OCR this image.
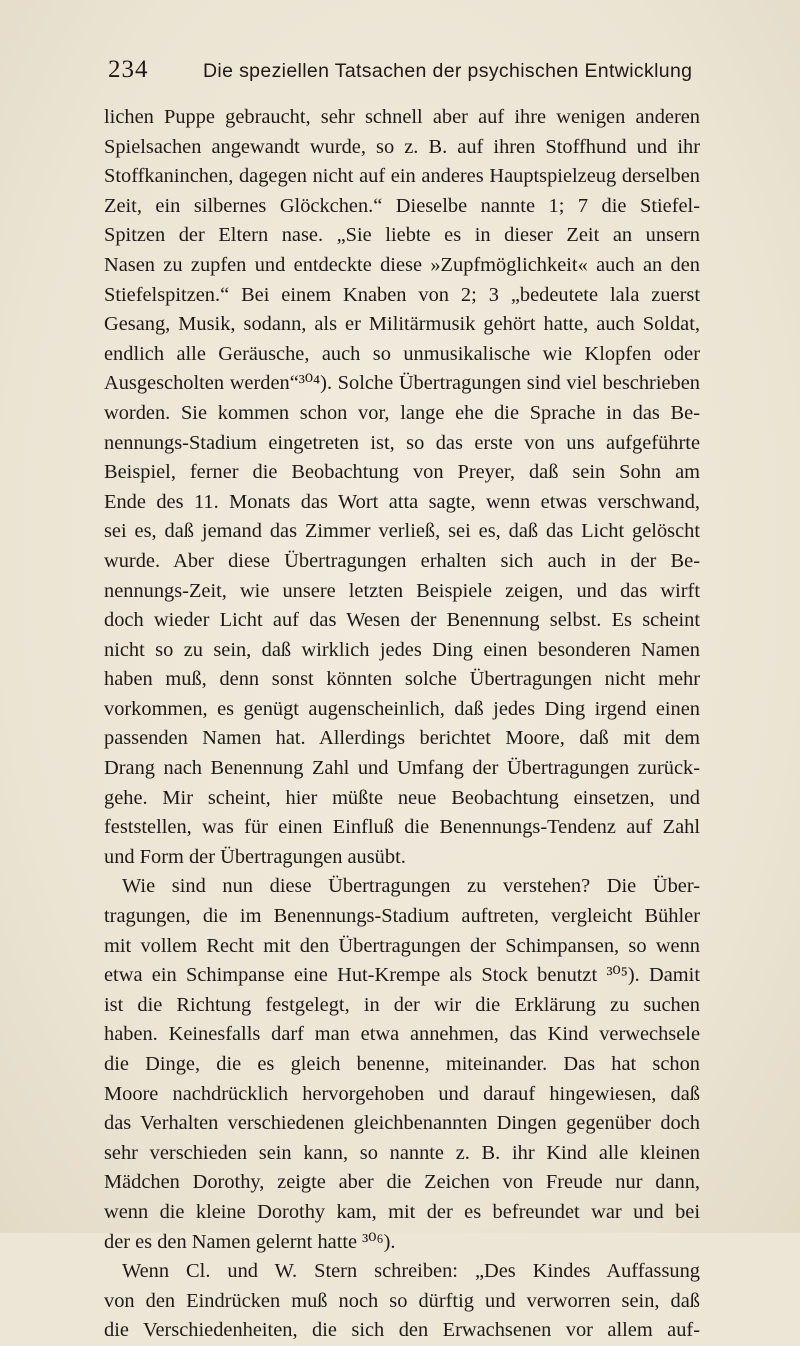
234	Die speziellen Tatsachen der psychischen Entwicklung
lichen Puppe gebraucht, sehr schnell aber auf ihre wenigen anderen
Spielsachen angewandt wurde, so z. B. auf ihren Stoffhund und ihr
Stoffkaninchen, dagegen nicht auf ein anderes Hauptspielzeug derselben
Zeit, ein silbernes Glöckchen.“ Dieselbe nannte 1; 7 die Stiefel-
Spitzen der Eltern nase. „Sie liebte es in dieser Zeit an unsern
Nasen zu zupfen und entdeckte diese »Zupfmöglichkeit« auch an den
Stiefelspitzen.“ Bei einem Knaben von 2; 3 „bedeutete lala zuerst
Gesang, Musik, sodann, als er Militärmusik gehört hatte, auch Soldat,
endlich alle Geräusche, auch so unmusikalische wie Klopfen oder
Ausgescholten werden“³⁰⁴). Solche Übertragungen sind viel beschrieben
worden. Sie kommen schon vor, lange ehe die Sprache in das Be-
nennungs-Stadium eingetreten ist, so das erste von uns aufgeführte
Beispiel, ferner die Beobachtung von Preyer, daß sein Sohn am
Ende des 11. Monats das Wort atta sagte, wenn etwas verschwand,
sei es, daß jemand das Zimmer verließ, sei es, daß das Licht gelöscht
wurde. Aber diese Übertragungen erhalten sich auch in der Be-
nennungs-Zeit, wie unsere letzten Beispiele zeigen, und das wirft
doch wieder Licht auf das Wesen der Benennung selbst. Es scheint
nicht so zu sein, daß wirklich jedes Ding einen besonderen Namen
haben muß, denn sonst könnten solche Übertragungen nicht mehr
vorkommen, es genügt augenscheinlich, daß jedes Ding irgend einen
passenden Namen hat. Allerdings berichtet Moore, daß mit dem
Drang nach Benennung Zahl und Umfang der Übertragungen zurück-
gehe. Mir scheint, hier müßte neue Beobachtung einsetzen, und
feststellen, was für einen Einfluß die Benennungs-Tendenz auf Zahl
und Form der Übertragungen ausübt.
Wie sind nun diese Übertragungen zu verstehen? Die Über-
tragungen, die im Benennungs-Stadium auftreten, vergleicht Bühler
mit vollem Recht mit den Übertragungen der Schimpansen, so wenn
etwa ein Schimpanse eine Hut-Krempe als Stock benutzt ³⁰⁵). Damit
ist die Richtung festgelegt, in der wir die Erklärung zu suchen
haben. Keinesfalls darf man etwa annehmen, das Kind verwechsele
die Dinge, die es gleich benenne, miteinander. Das hat schon
Moore nachdrücklich hervorgehoben und darauf hingewiesen, daß
das Verhalten verschiedenen gleichbenannten Dingen gegenüber doch
sehr verschieden sein kann, so nannte z. B. ihr Kind alle kleinen
Mädchen Dorothy, zeigte aber die Zeichen von Freude nur dann,
wenn die kleine Dorothy kam, mit der es befreundet war und bei
der es den Namen gelernt hatte ³⁰⁶).
Wenn Cl. und W. Stern schreiben: „Des Kindes Auffassung
von den Eindrücken muß noch so dürftig und verworren sein, daß
die Verschiedenheiten, die sich den Erwachsenen vor allem auf-
